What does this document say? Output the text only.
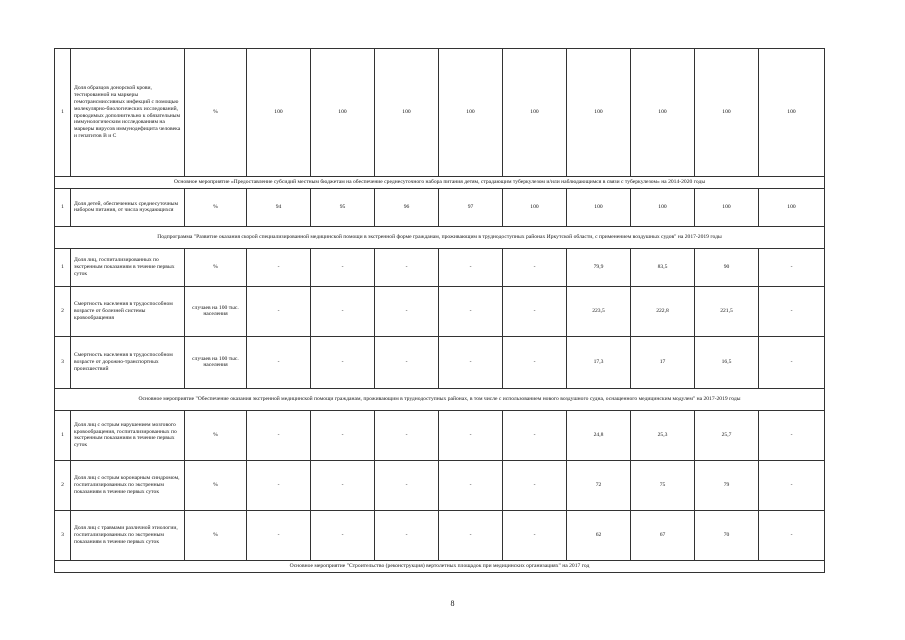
1	Доля образцов донорской крови, тестированной на маркеры гемотрансмиссивных инфекций с помощью молекулярно-биологических исследований, проводимых дополнительно к обязательным иммунологическим исследованиям на маркеры вирусов иммунодефицита человека и гепатитов В и С	%	100	100	100	100	100	100	100	100	100
Основное мероприятие «Предоставление субсидий местным бюджетам на обеспечение среднесуточного набора питания детям, страдающим туберкулезом и/или наблюдающимся в связи с туберкулезом» на 2014-2020 годы											
1	Доля детей, обеспеченных среднесуточным набором питания, от числа нуждающихся	%	94	95	96	97	100	100	100	100	100
Подпрограмма "Развитие оказания скорой специализированной медицинской помощи в экстренной форме гражданам, проживающим в труднодоступных районах Иркутской области, с применением воздушных судов" на 2017-2019 годы											
1	Доля лиц, госпитализированных по экстренным показаниям в течение первых суток	%	-	-	-	-	-	79,9	83,5	90	-
2	Смертность населения в трудоспособном возрасте от болезней системы кровообращения	случаев на 100 тыс. населения	-	-	-	-	-	223,5	222,8	221,5	-
3	Смертность населения в трудоспособном возрасте от дорожно-транспортных происшествий	случаев на 100 тыс. населения	-	-	-	-	-	17,3	17	16,5	-
Основное мероприятие "Обеспечение оказания экстренной медицинской помощи гражданам, проживающим в труднодоступных районах, в том числе с использованием нового воздушного судна, оснащенного медицинским модулем" на 2017-2019 годы											
1	Доля лиц с острым нарушением мозгового кровообращения, госпитализированных по экстренным показаниям в течение первых суток	%	-	-	-	-	-	24,8	25,3	25,7	-
2	Доля лиц с острым коронарным синдромом, госпитализированных по экстренным показаниям в течение первых суток	%	-	-	-	-	-	72	75	79	-
3	Доля лиц с травмами различной этиологии, госпитализированных по экстренным показаниям в течение первых суток	%	-	-	-	-	-	62	67	70	-
Основное мероприятие "Строительство (реконструкция) вертолетных площадок при медицинских организациях" на 2017 год											
8
